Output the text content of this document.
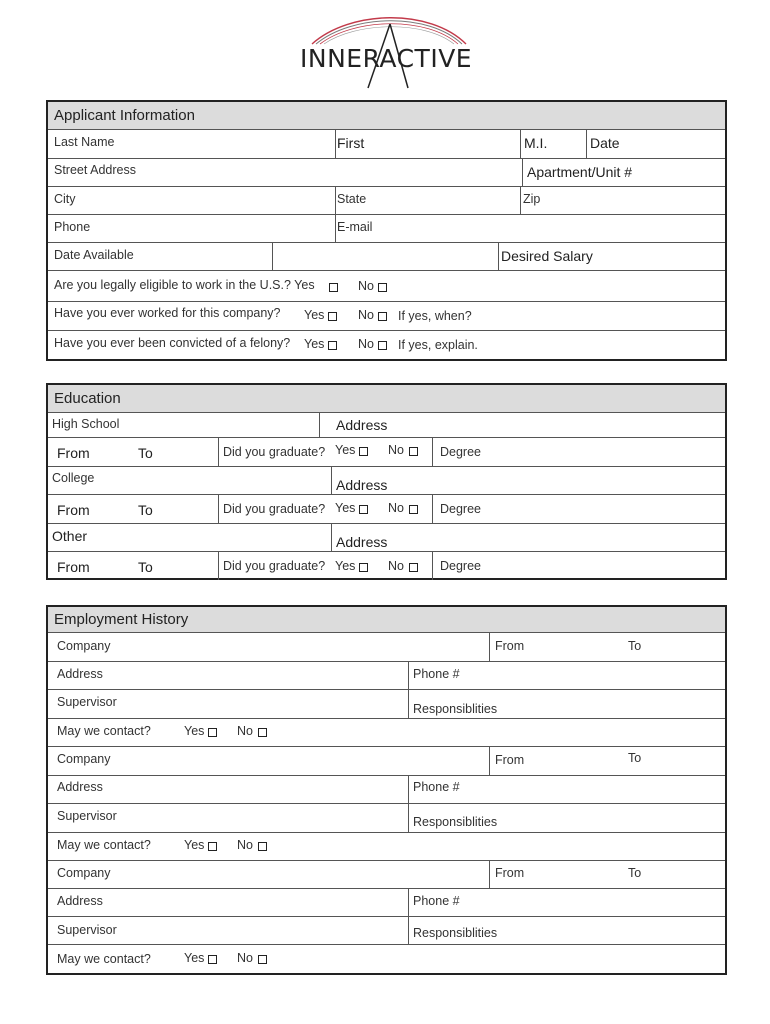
INNERACTIVE
Applicant Information
Last Name	First	M.I.	Date
Street Address	Apartment/Unit #
City	State	Zip
Phone	E-mail
Date Available	Desired Salary
Are you legally eligible to work in the U.S.? Yes	No
Have you ever worked for this company? Yes	No If yes, when?
Have you ever been convicted of a felony? Yes	No If yes, explain.
Education
High School	Address
From	To	Did you graduate? Yes	No	Degree
College	Address
From	To	Did you graduate? Yes	No	Degree
Other	Address
From	To	Did you graduate? Yes	No	Degree
Employment History
Company	From	To
Address	Phone #
Supervisor	Responsiblities
May we contact?	Yes	No
Company	From	To
Address	Phone #
Supervisor	Responsiblities
May we contact?	Yes	No
Company	From	To
Address	Phone #
Supervisor	Responsiblities
May we contact?	Yes	No
